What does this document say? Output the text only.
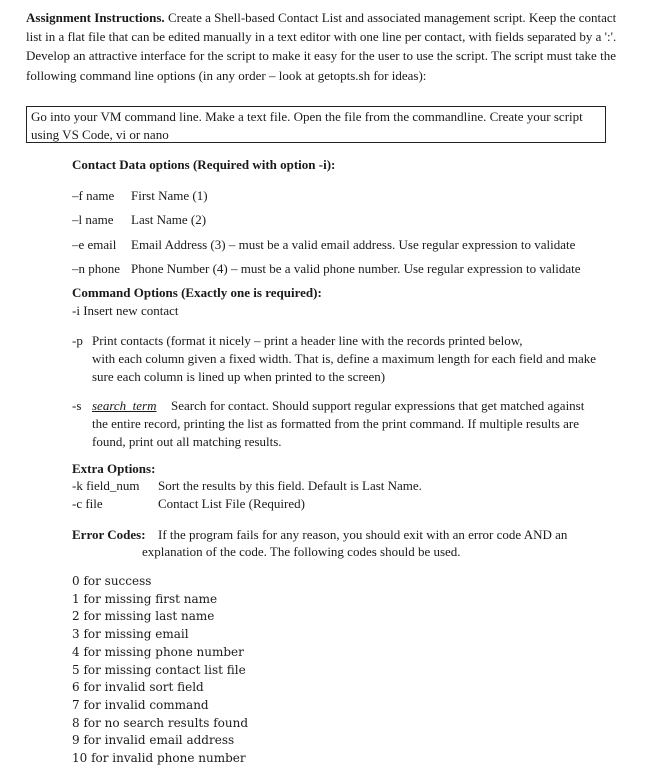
Assignment Instructions. Create a Shell-based Contact List and associated management script. Keep the contact list in a flat file that can be edited manually in a text editor with one line per contact, with fields separated by a ':'. Develop an attractive interface for the script to make it easy for the user to use the script. The script must take the following command line options (in any order – look at getopts.sh for ideas):
Go into your VM command line. Make a text file. Open the file from the commandline. Create your script using VS Code, vi or nano
Contact Data options (Required with option -i):
–f name First Name (1)
–l name Last Name (2)
–e email Email Address (3) – must be a valid email address. Use regular expression to validate
–n phone Phone Number (4) – must be a valid phone number. Use regular expression to validate
Command Options (Exactly one is required):
-i Insert new contact
-p Print contacts (format it nicely – print a header line with the records printed below,
with each column given a fixed width. That is, define a maximum length for each field and make sure each column is lined up when printed to the screen)
-s search_term Search for contact. Should support regular expressions that get matched against
the entire record, printing the list as formatted from the print command. If multiple results are found, print out all matching results.
Extra Options:
-k field_num Sort the results by this field. Default is Last Name.
-c file	Contact List File (Required)
Error Codes: If the program fails for any reason, you should exit with an error code AND an
explanation of the code. The following codes should be used.
0 for success
1 for missing first name
2 for missing last name
3 for missing email
4 for missing phone number
5 for missing contact list file
6 for invalid sort field
7 for invalid command
8 for no search results found
9 for invalid email address
10 for invalid phone number
